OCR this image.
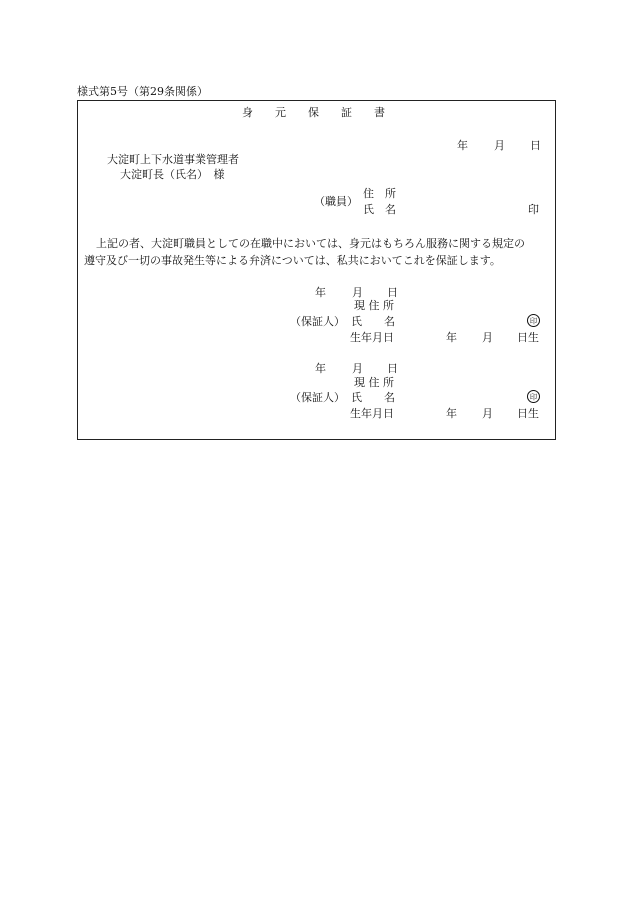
様式第5号（第29条関係）
身　　元　　保　　証　　書
年 月 日
大淀町上下水道事業管理者
大淀町長（氏名）　様
（職員）
住　所
氏　名	印
上記の者、大淀町職員としての在職中においては、身元はもちろん服務に関する規定の
遵守及び一切の事故発生等による弁済については、私共においてこれを保証します。
年 月 日
現 住 所
（保証人） 氏　　名	印
生年月日	年 月 日生
年 月 日
現 住 所
（保証人） 氏　　名	印
生年月日	年 月 日生
